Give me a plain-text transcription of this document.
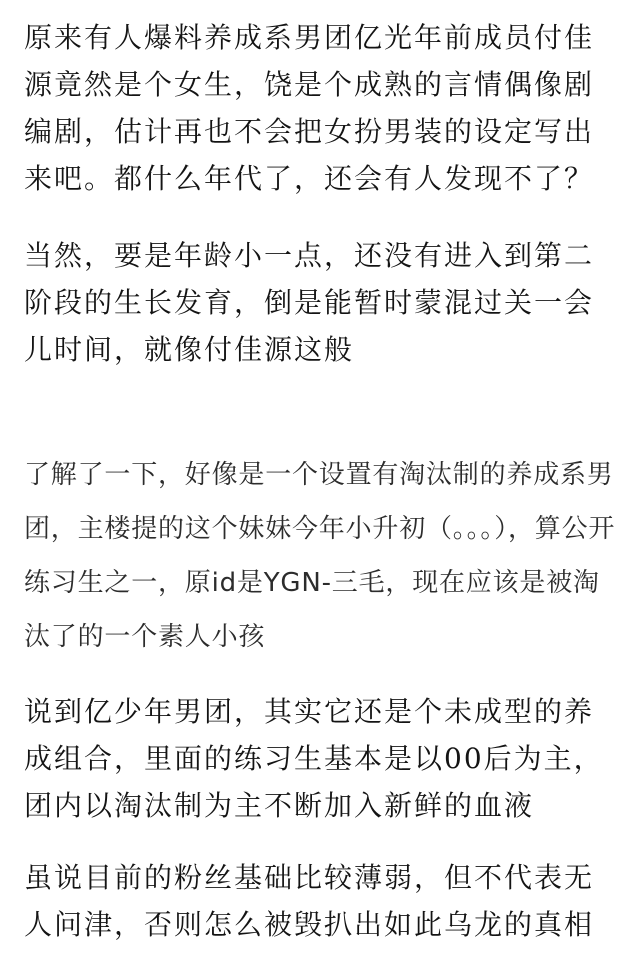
原来有人爆料养成系男团亿光年前成员付佳源竟然是个女生，饶是个成熟的言情偶像剧编剧，估计再也不会把女扮男装的设定写出来吧。都什么年代了，还会有人发现不了？

当然，要是年龄小一点，还没有进入到第二阶段的生长发育，倒是能暂时蒙混过关一会儿时间，就像付佳源这般

了解了一下，好像是一个设置有淘汰制的养成系男团，主楼提的这个妹妹今年小升初（。。。），算公开练习生之一，原id是YGN-三毛，现在应该是被淘汰了的一个素人小孩

说到亿少年男团，其实它还是个未成型的养成组合，里面的练习生基本是以00后为主，团内以淘汰制为主不断加入新鲜的血液

虽说目前的粉丝基础比较薄弱，但不代表无人问津，否则怎么被毁扒出如此乌龙的真相
